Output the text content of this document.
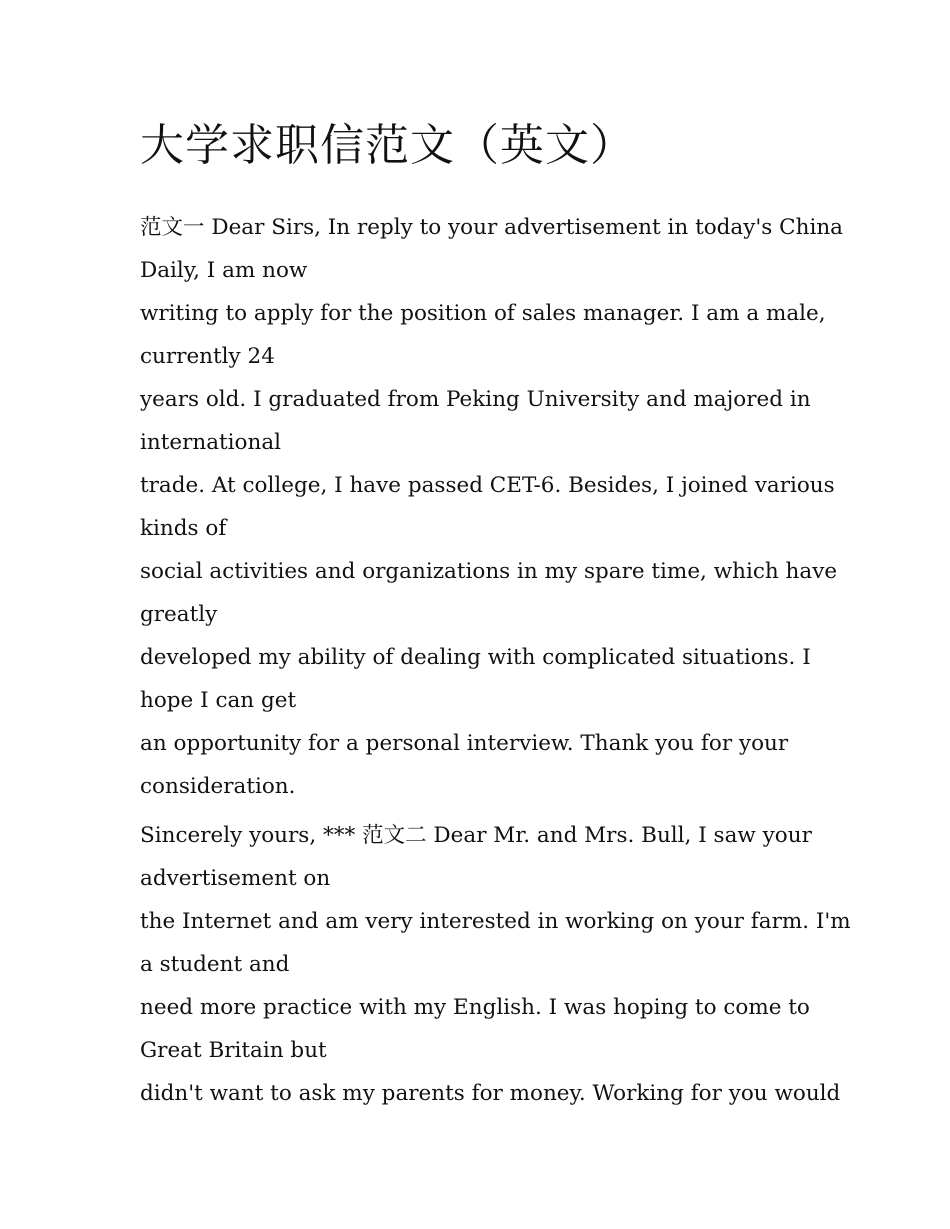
大学求职信范文（英文）
范文一 Dear Sirs, In reply to your advertisement in today's China
Daily, I am now
writing to apply for the position of sales manager. I am a male,
currently 24
years old. I graduated from Peking University and majored in
international
trade. At college, I have passed CET-6. Besides, I joined various
kinds of
social activities and organizations in my spare time, which have
greatly
developed my ability of dealing with complicated situations. I
hope I can get
an opportunity for a personal interview. Thank you for your
consideration.
Sincerely yours, *** 范文二 Dear Mr. and Mrs. Bull, I saw your
advertisement on
the Internet and am very interested in working on your farm. I'm
a student and
need more practice with my English. I was hoping to come to
Great Britain but
didn't want to ask my parents for money. Working for you would
